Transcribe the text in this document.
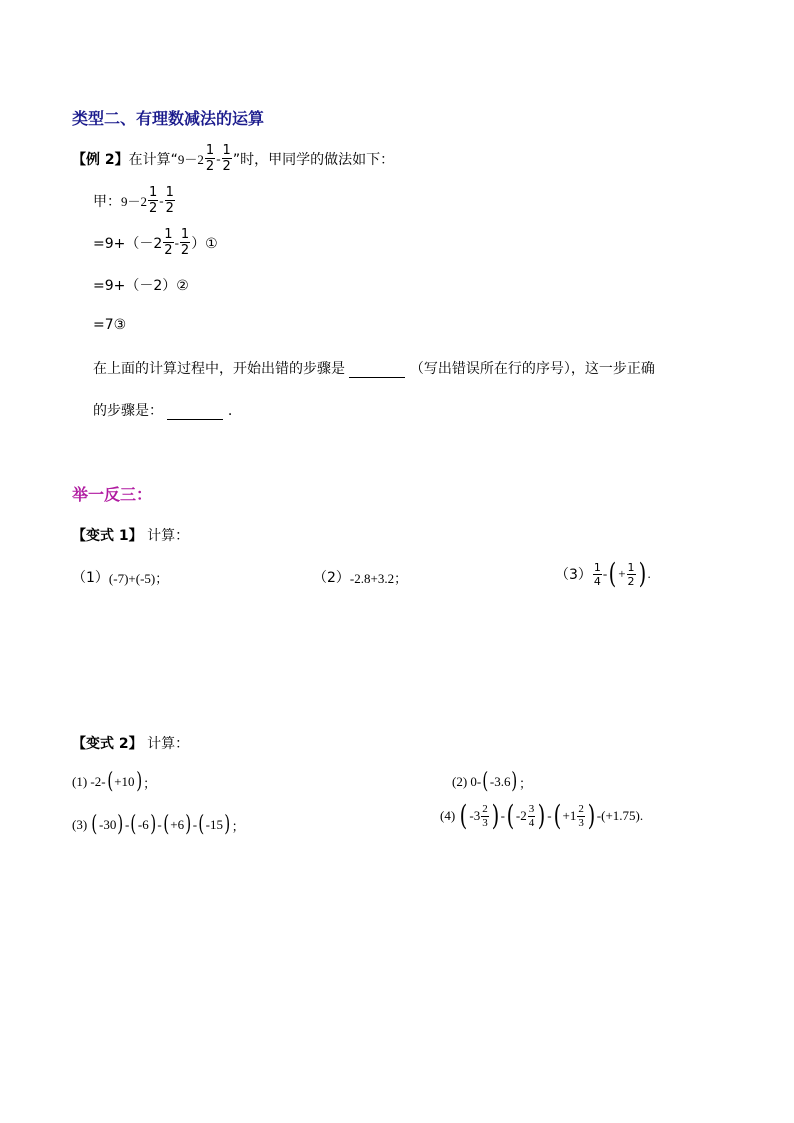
类型二、有理数减法的运算
【例 2】 在计算“ $9-2 \frac{1}{2} - \frac{1}{2}$ ”时，甲同学的做法如下：
甲： $9-2 \frac{1}{2} - \frac{1}{2}$
$=9+(-2 \frac{1}{2} - \frac{1}{2}$ ）①
=9+（－2）②
=7③
在上面的计算过程中，开始出错的步骤是	（写出错误所在行的序号），这一步正确
的步骤是：	.
举一反三：
【变式 1】 计算：
（1） (-7)+(-5)；	（2） -2.8+3.2；	$(3) \frac{1}{4}$ - ( + $\frac{1}{2}$ ) .
【变式 2】 计算：
(1)
-2- ( +10 ) ；	(2)
0- ( -3.6 ) ；
(3)
( -30 ) - ( -6 ) - ( +6 ) - ( -15 ) ；
(4)
( $-3 \frac{2}{3}$ ) - ( $-2 \frac{3}{4}$ ) - ( $+1 \frac{2}{3}$ ) - (+1.75) .
